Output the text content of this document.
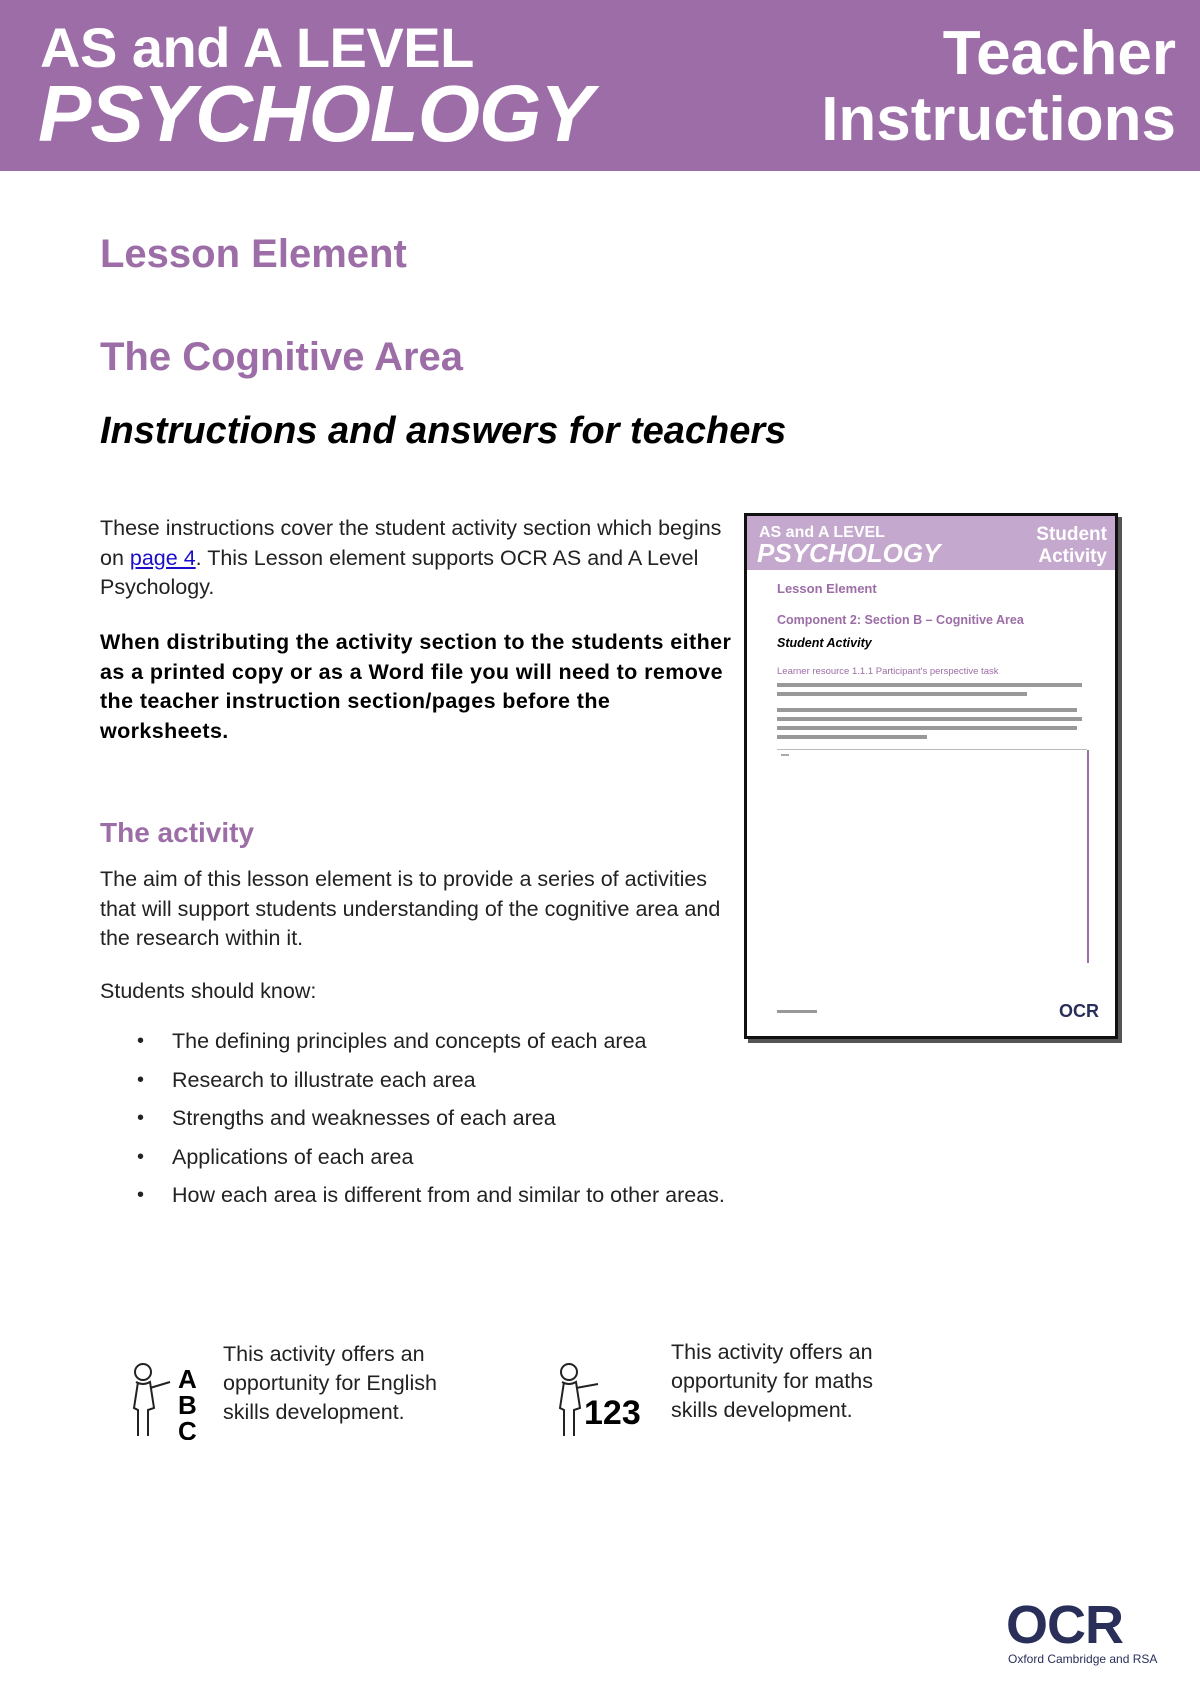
AS and A LEVEL
PSYCHOLOGY
Teacher
Instructions
Lesson Element
The Cognitive Area
Instructions and answers for teachers
These instructions cover the student activity section which begins on page 4. This Lesson element supports OCR AS and A Level Psychology.
When distributing the activity section to the students either as a printed copy or as a Word file you will need to remove the teacher instruction section/pages before the worksheets.
The activity
The aim of this lesson element is to provide a series of activities that will support students understanding of the cognitive area and the research within it.
Students should know:
• The defining principles and concepts of each area
• Research to illustrate each area
• Strengths and weaknesses of each area
• Applications of each area
• How each area is different from and similar to other areas.
AS and A LEVEL
PSYCHOLOGY
Student
Activity
Lesson Element
Component 2: Section B – Cognitive Area
Student Activity
Learner resource 1.1.1 Participant's perspective task
OCR
A
B
C
This activity offers an opportunity for English skills development.	123
This activity offers an opportunity for maths skills development.
OCR
Oxford Cambridge and RSA
